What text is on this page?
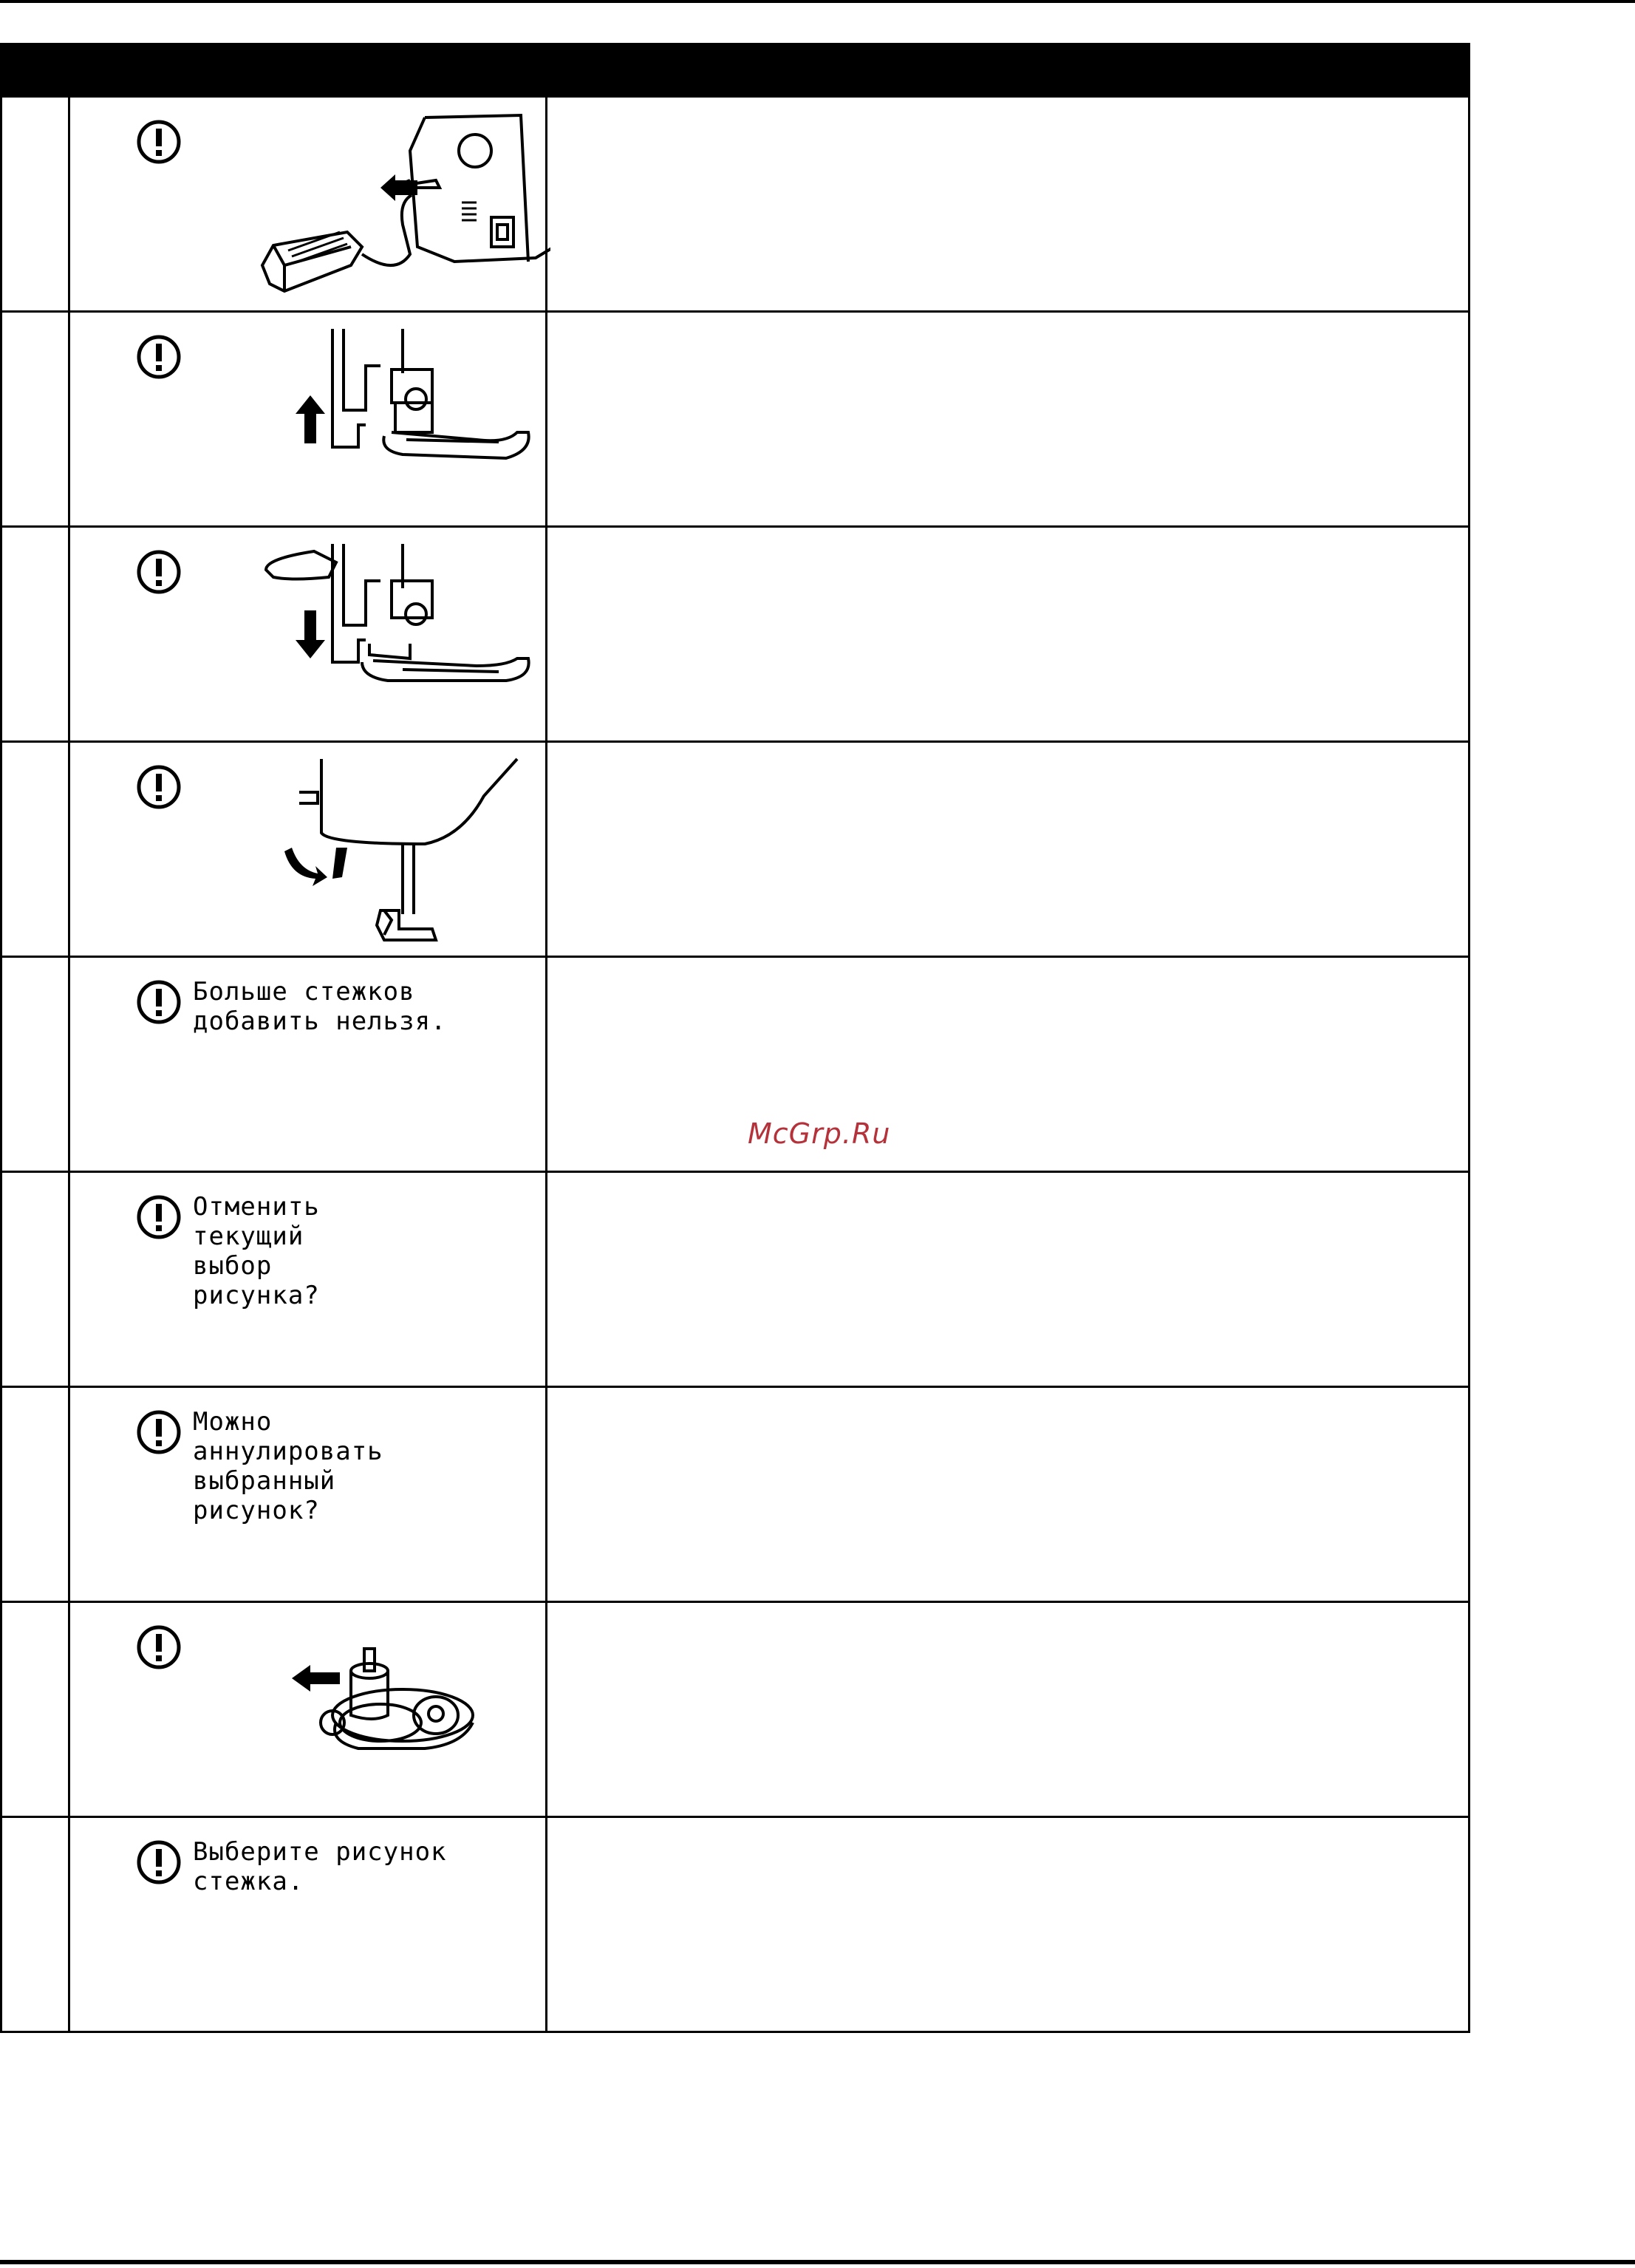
	Больше стежков
добавить нельзя.	

	Отменить
текущий
выбор
рисунка?	

	Можно
аннулировать
выбранный
рисунок?	

	Выберите рисунок
стежка.	

McGrp.Ru
